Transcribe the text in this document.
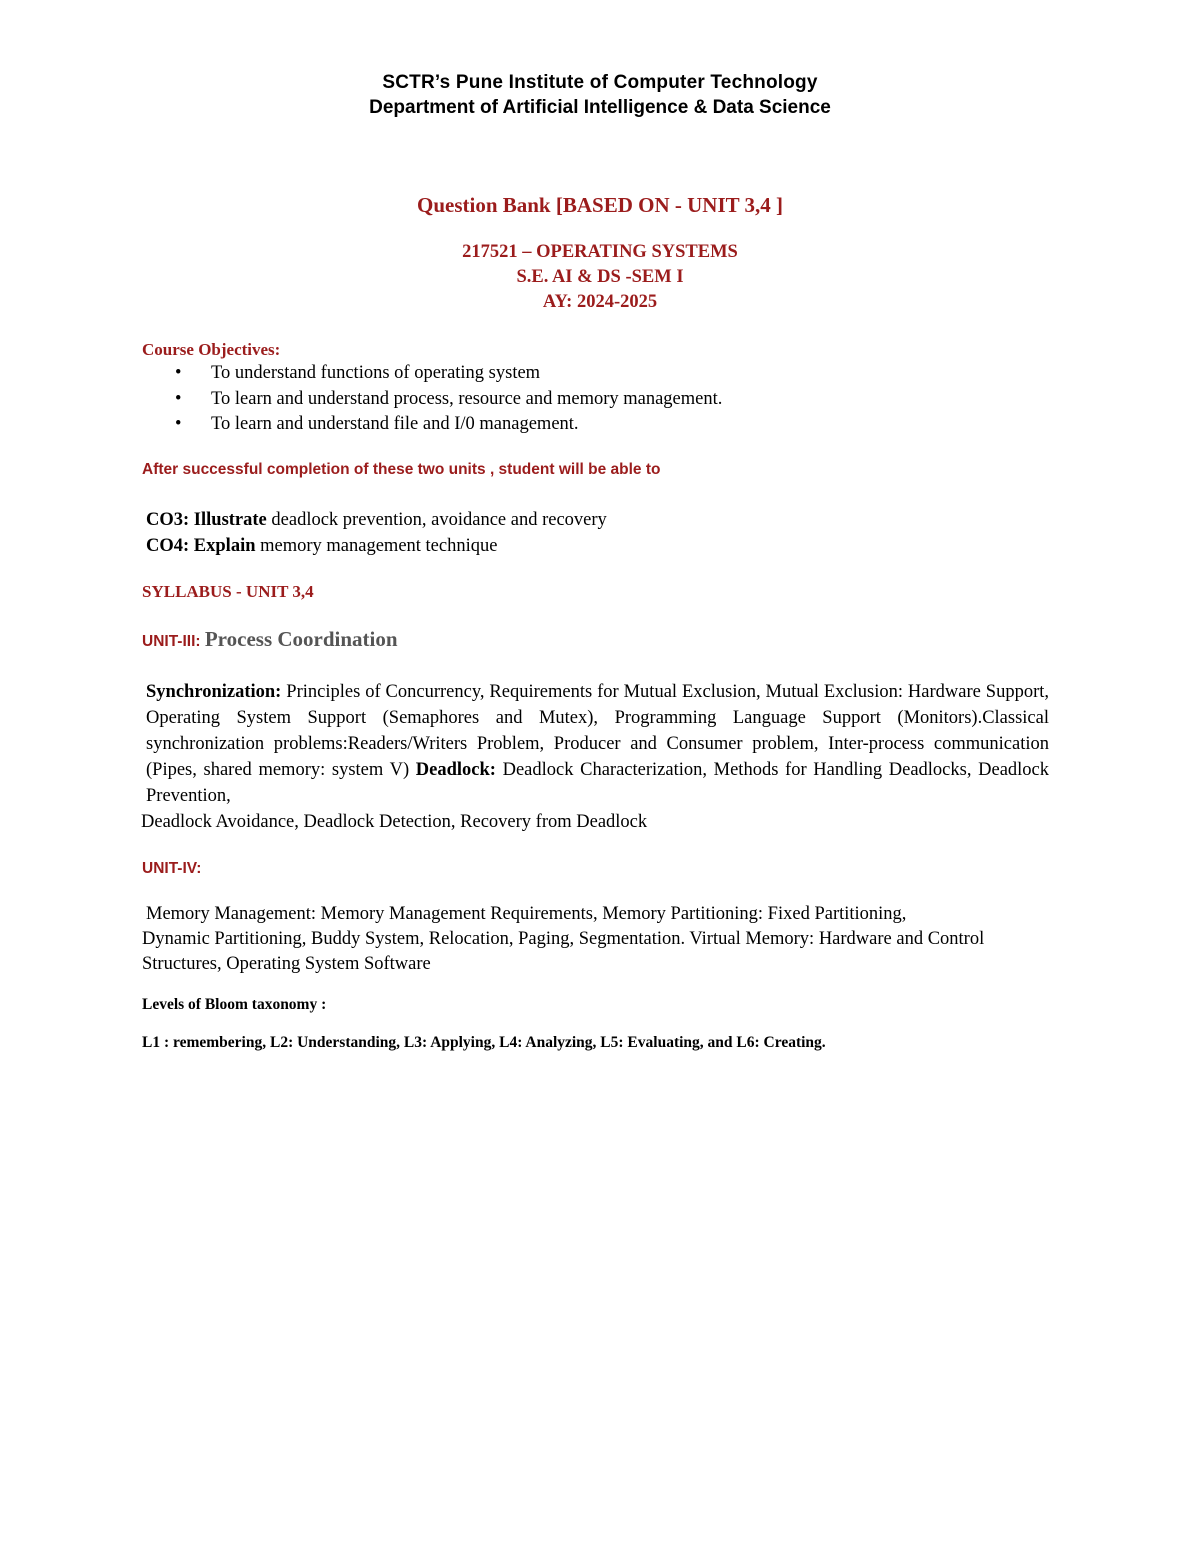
SCTR’s Pune Institute of Computer Technology

Department of Artificial Intelligence & Data Science

Question Bank [BASED ON - UNIT 3,4 ]

217521 – OPERATING SYSTEMS

S.E. AI & DS -SEM I

AY: 2024-2025

Course Objectives:

• To understand functions of operating system
• To learn and understand process, resource and memory management.
• To learn and understand file and I/0 management.

After successful completion of these two units , student will be able to

CO3: Illustrate deadlock prevention, avoidance and recovery

CO4: Explain memory management technique

SYLLABUS - UNIT 3,4

UNIT-III: Process Coordination

Synchronization: Principles of Concurrency, Requirements for Mutual Exclusion, Mutual Exclusion: Hardware Support, Operating System Support (Semaphores and Mutex), Programming Language Support (Monitors).Classical synchronization problems:Readers/Writers Problem, Producer and Consumer problem, Inter-process communication (Pipes, shared memory: system V) Deadlock: Deadlock Characterization, Methods for Handling Deadlocks, Deadlock Prevention,
Deadlock Avoidance, Deadlock Detection, Recovery from Deadlock

UNIT-IV:

Memory Management: Memory Management Requirements, Memory Partitioning: Fixed Partitioning,
Dynamic Partitioning, Buddy System, Relocation, Paging, Segmentation. Virtual Memory: Hardware and Control Structures, Operating System Software

Levels of Bloom taxonomy :

L1 : remembering, L2: Understanding, L3: Applying, L4: Analyzing, L5: Evaluating, and L6: Creating.
